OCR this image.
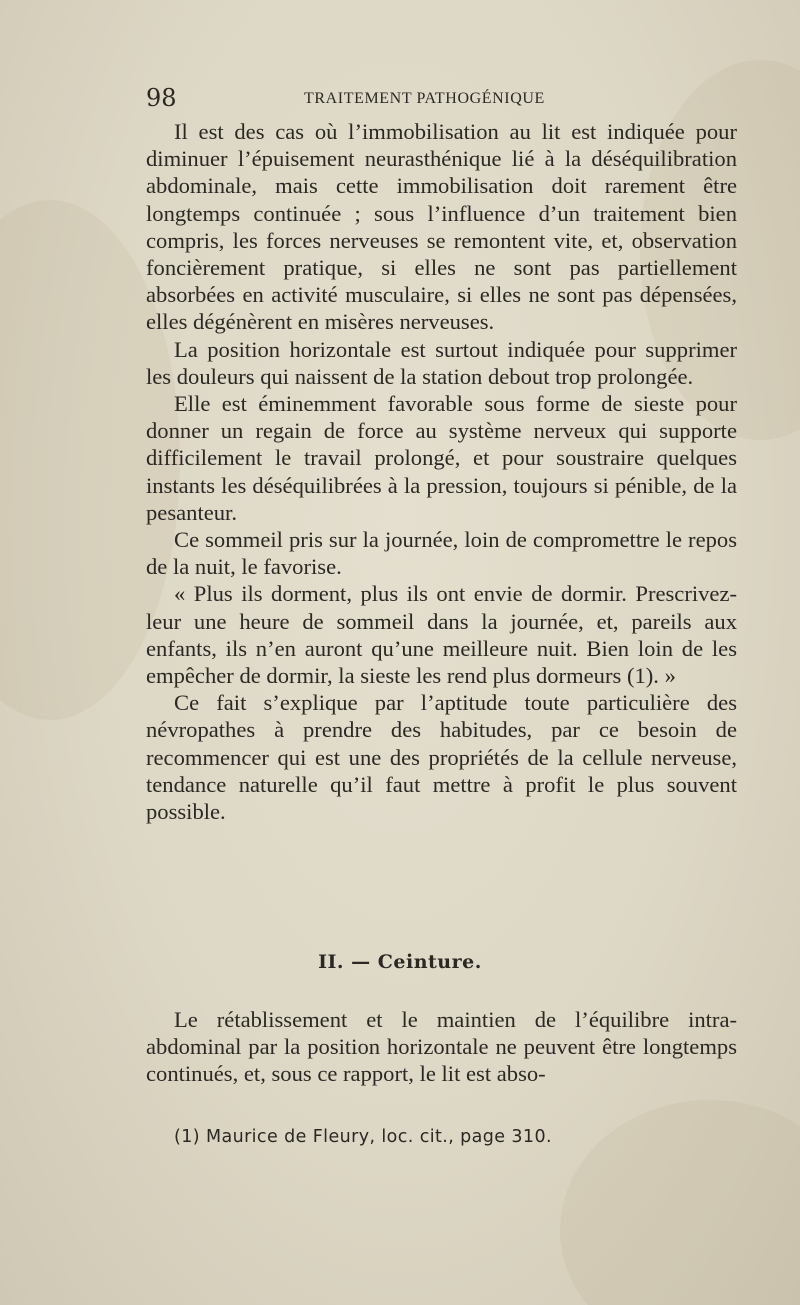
98	TRAITEMENT PATHOGÉNIQUE

Il est des cas où l’immobilisation au lit est indiquée pour diminuer l’épuisement neurasthénique lié à la déséquilibration abdominale, mais cette immobilisation doit rarement être longtemps continuée ; sous l’influence d’un traitement bien compris, les forces nerveuses se remontent vite, et, observation foncièrement pratique, si elles ne sont pas partiellement absorbées en activité musculaire, si elles ne sont pas dépensées, elles dégénèrent en misères nerveuses.

La position horizontale est surtout indiquée pour supprimer les douleurs qui naissent de la station debout trop prolongée.

Elle est éminemment favorable sous forme de sieste pour donner un regain de force au système nerveux qui supporte difficilement le travail prolongé, et pour soustraire quelques instants les déséquilibrées à la pression, toujours si pénible, de la pesanteur.

Ce sommeil pris sur la journée, loin de compromettre le repos de la nuit, le favorise.

« Plus ils dorment, plus ils ont envie de dormir. Prescrivez-leur une heure de sommeil dans la journée, et, pareils aux enfants, ils n’en auront qu’une meilleure nuit. Bien loin de les empêcher de dormir, la sieste les rend plus dormeurs (1). »

Ce fait s’explique par l’aptitude toute particulière des névropathes à prendre des habitudes, par ce besoin de recommencer qui est une des propriétés de la cellule nerveuse, tendance naturelle qu’il faut mettre à profit le plus souvent possible.

II. — Ceinture.

Le rétablissement et le maintien de l’équilibre intra-abdominal par la position horizontale ne peuvent être longtemps continués, et, sous ce rapport, le lit est abso-

(1) Maurice de Fleury, loc. cit., page 310.
